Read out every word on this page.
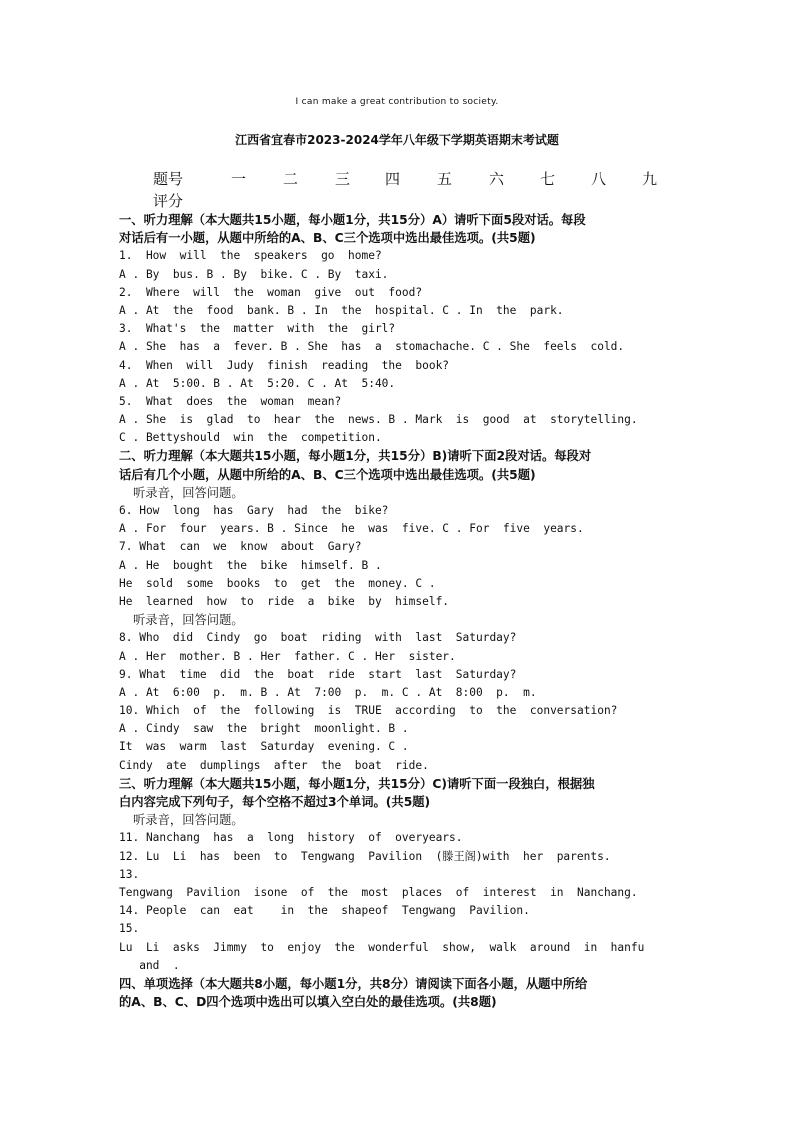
I can make a great contribution to society.
江西省宜春市2023-2024学年八年级下学期英语期末考试题
题号	一 二 三 四 五 六 七 八 九
评分
一、听力理解（本大题共15小题，每小题1分，共15分）A）请听下面5段对话。每段
对话后有一小题，从题中所给的A、B、C三个选项中选出最佳选项。(共5题)
1.  How  will  the  speakers  go  home?
A . By  bus. B . By  bike. C . By  taxi.
2.  Where  will  the  woman  give  out  food?
A . At  the  food  bank. B . In  the  hospital. C . In  the  park.
3.  What's  the  matter  with  the  girl?
A . She  has  a  fever. B . She  has  a  stomachache. C . She  feels  cold.
4.  When  will  Judy  finish  reading  the  book?
A . At  5:00. B . At  5:20. C . At  5:40.
5.  What  does  the  woman  mean?
A . She  is  glad  to  hear  the  news. B . Mark  is  good  at  storytelling.
C . Bettyshould  win  the  competition.
二、听力理解（本大题共15小题，每小题1分，共15分）B)请听下面2段对话。每段对
话后有几个小题，从题中所给的A、B、C三个选项中选出最佳选项。(共5题)
听录音，回答问题。
6. How  long  has  Gary  had  the  bike?
A . For  four  years. B . Since  he  was  five. C . For  five  years.
7. What  can  we  know  about  Gary?
A . He  bought  the  bike  himself. B .
He  sold  some  books  to  get  the  money. C .
He  learned  how  to  ride  a  bike  by  himself.
听录音，回答问题。
8. Who  did  Cindy  go  boat  riding  with  last  Saturday?
A . Her  mother. B . Her  father. C . Her  sister.
9. What  time  did  the  boat  ride  start  last  Saturday?
A . At  6:00  p.  m. B . At  7:00  p.  m. C . At  8:00  p.  m.
10. Which  of  the  following  is  TRUE  according  to  the  conversation?
A . Cindy  saw  the  bright  moonlight. B .
It  was  warm  last  Saturday  evening. C .
Cindy  ate  dumplings  after  the  boat  ride.
三、听力理解（本大题共15小题，每小题1分，共15分）C)请听下面一段独白，根据独
白内容完成下列句子，每个空格不超过3个单词。(共5题)
听录音，回答问题。
11. Nanchang  has  a  long  history  of  overyears.
12. Lu  Li  has  been  to  Tengwang  Pavilion  (滕王阁)with  her  parents.
13.
Tengwang  Pavilion  isone  of  the  most  places  of  interest  in  Nanchang.
14. People  can  eat    in  the  shapeof  Tengwang  Pavilion.
15.
Lu  Li  asks  Jimmy  to  enjoy  the  wonderful  show,  walk  around  in  hanfu
and  .
四、单项选择（本大题共8小题，每小题1分，共8分）请阅读下面各小题，从题中所给
的A、B、C、D四个选项中选出可以填入空白处的最佳选项。(共8题)
